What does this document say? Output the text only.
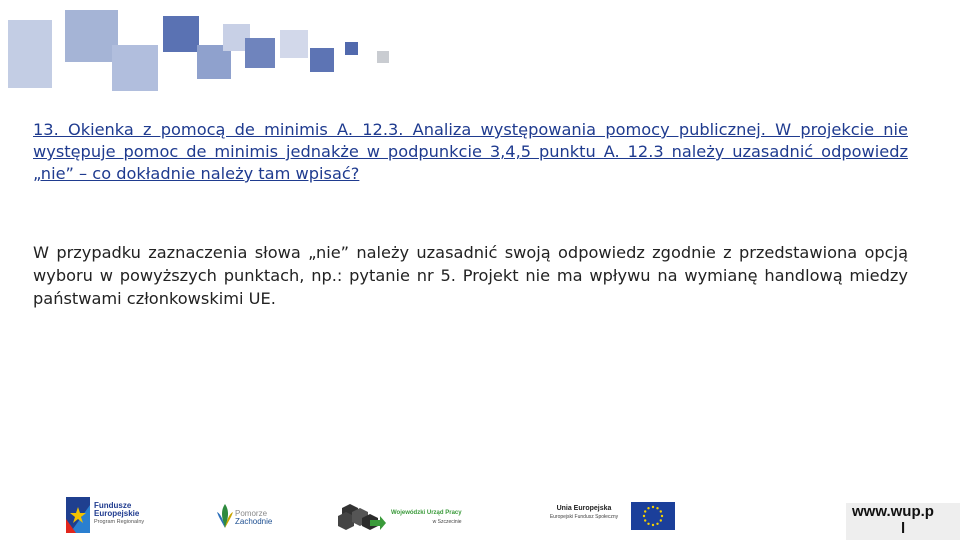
13. Okienka z pomocą de minimis A. 12.3. Analiza występowania pomocy publicznej. W projekcie nie występuje pomoc de minimis jednakże w podpunkcie 3,4,5 punktu A. 12.3 należy uzasadnić odpowiedz „nie” – co dokładnie należy tam wpisać?

W przypadku zaznaczenia słowa „nie” należy uzasadnić swoją odpowiedz zgodnie z przedstawiona opcją wyboru w powyższych punktach, np.: pytanie nr 5. Projekt nie ma wpływu na wymianę handlową miedzy państwami członkowskimi UE.

Fundusze
Europejskie
Program Regionalny
Pomorze
Zachodnie
Wojewódzki Urząd Pracy
w Szczecinie
Unia Europejska
Europejski Fundusz Społeczny	www.wup.p
l
